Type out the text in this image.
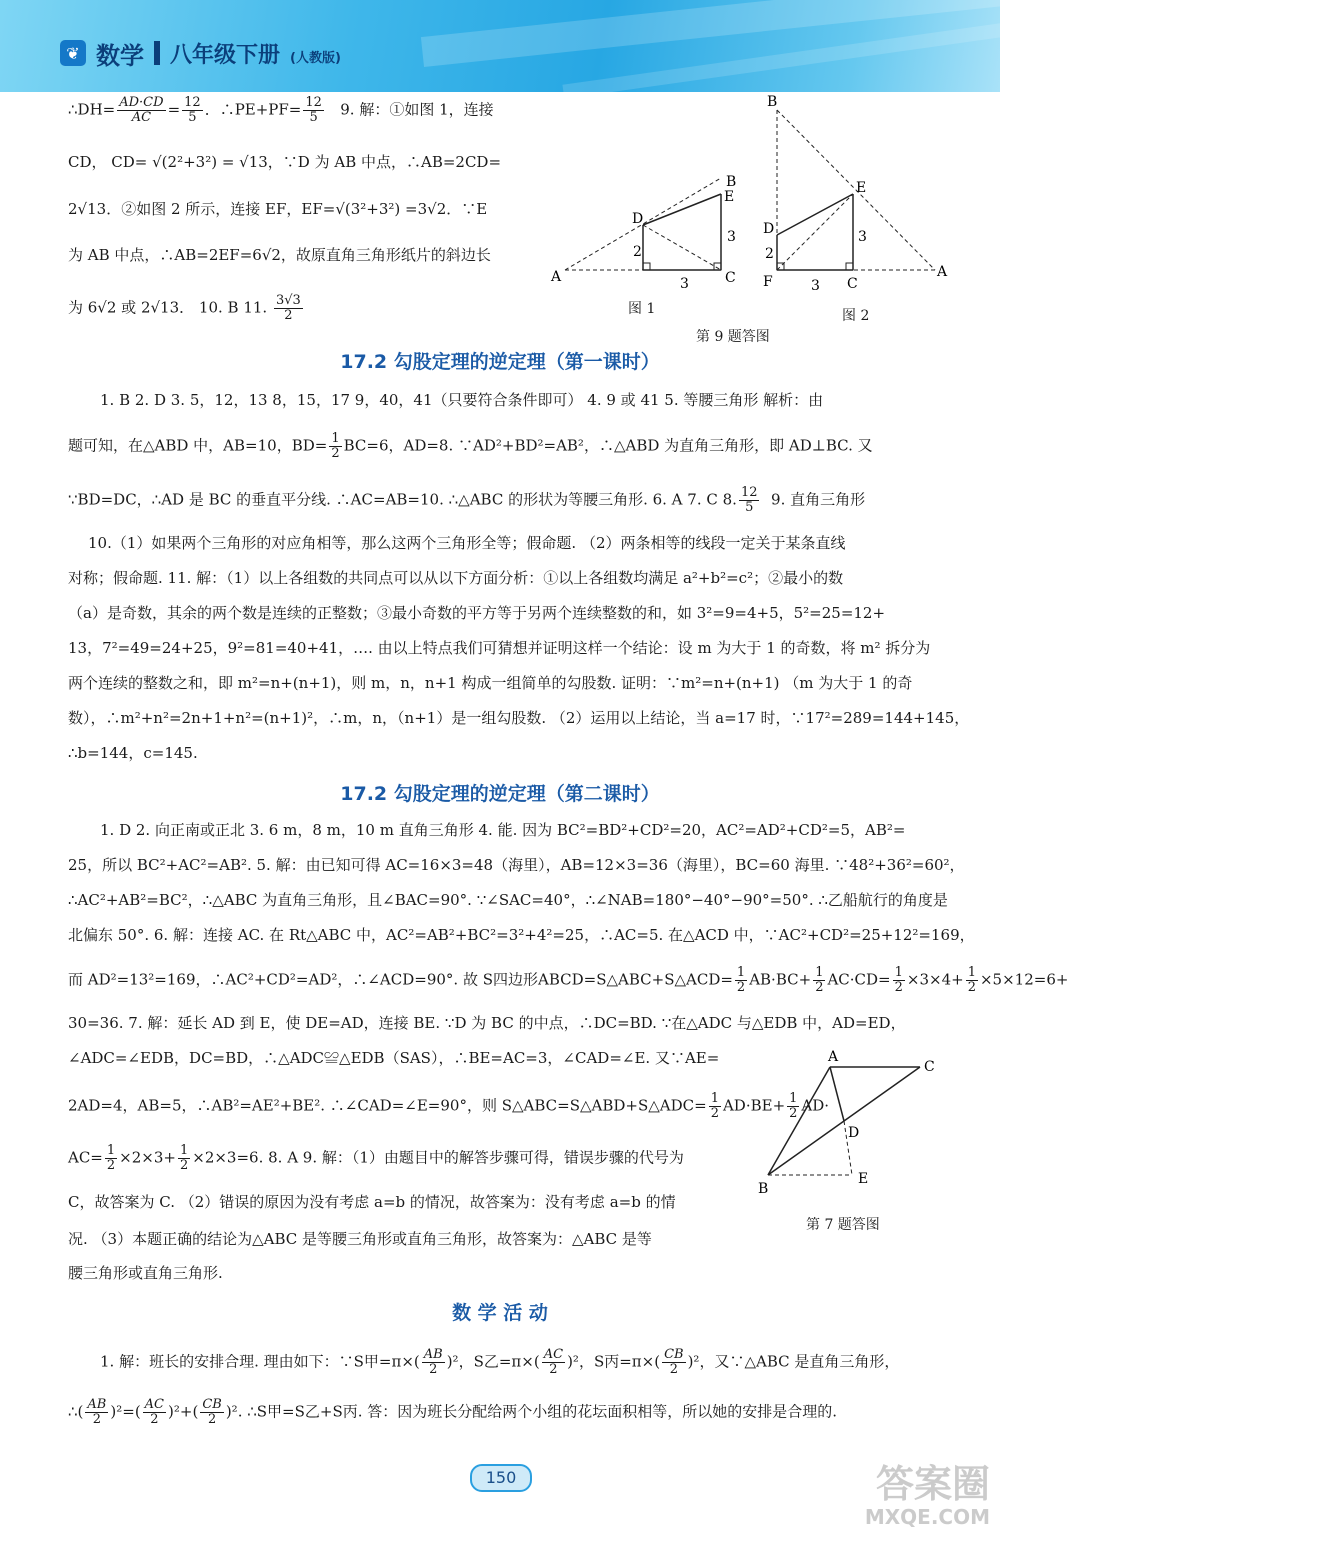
❦ 数学 八年级下册 (人教版)
∴DH= $\frac{AD\cdot CD}{AC} = \frac{12}{5}$ ．∴PE+PF= $\frac{12}{5} 9$. 解：①如图 1，连接
CD， CD= √(2²+3²) = √13，∵D 为 AB 中点，∴AB=2CD=
2√13．②如图 2 所示，连接 EF，EF=√(3²+3²) =3√2．∵E
为 AB 中点，∴AB=2EF=6√2，故原直角三角形纸片的斜边长
为 6√2 或 2√13． 10. B 11. $\frac{3√3}{2}$
B
E
D
A	C
2
3
3
B
E
D
F	C
A
2
3
3
图 1	图 2
第 9 题答图
17.2 勾股定理的逆定理（第一课时）
1. B 2. D 3. 5，12，13 8，15，17 9，40，41（只要符合条件即可） 4. 9 或 41 5. 等腰三角形 解析：由
题可知，在△ABD 中，AB=10，$BD= \frac{1}{2} BC=6$，AD=8. ∵AD²+BD²=AB²，∴△ABD 为直角三角形，即 AD⊥BC. 又
∵BD=DC，∴AD 是 BC 的垂直平分线. ∴AC=AB=10. ∴△ABC 的形状为等腰三角形. 6. A 7. C 8. $\frac{12}{5} 9$. 直角三角形
10.（1）如果两个三角形的对应角相等，那么这两个三角形全等；假命题. （2）两条相等的线段一定关于某条直线
对称；假命题. 11. 解：（1）以上各组数的共同点可以从以下方面分析：①以上各组数均满足 a²+b²=c²；②最小的数
（a）是奇数，其余的两个数是连续的正整数；③最小奇数的平方等于另两个连续整数的和，如 3²=9=4+5，5²=25=12+
13，7²=49=24+25，9²=81=40+41，…. 由以上特点我们可猜想并证明这样一个结论：设 m 为大于 1 的奇数，将 m² 拆分为
两个连续的整数之和，即 m²=n+(n+1)，则 m，n，n+1 构成一组简单的勾股数. 证明：∵m²=n+(n+1) （m 为大于 1 的奇
数），∴m²+n²=2n+1+n²=(n+1)²，∴m，n，（n+1）是一组勾股数. （2）运用以上结论，当 a=17 时，∵17²=289=144+145，
∴b=144，c=145.
17.2 勾股定理的逆定理（第二课时）
1. D 2. 向正南或正北 3. 6 m，8 m，10 m 直角三角形 4. 能. 因为 BC²=BD²+CD²=20，AC²=AD²+CD²=5，AB²=
25，所以 BC²+AC²=AB². 5. 解：由已知可得 AC=16×3=48（海里），AB=12×3=36（海里），BC=60 海里. ∵48²+36²=60²，
∴AC²+AB²=BC²，∴△ABC 为直角三角形，且∠BAC=90°. ∵∠SAC=40°，∴∠NAB=180°−40°−90°=50°. ∴乙船航行的角度是
北偏东 50°. 6. 解：连接 AC. 在 Rt△ABC 中，AC²=AB²+BC²=3²+4²=25，∴AC=5. 在△ACD 中，∵AC²+CD²=25+12²=169，
而 AD²=13²=169，∴AC²+CD²=AD²，∴∠ACD=90°. 故 S四边形ABCD=S△ABC+S△ACD= $\frac{1}{2} AB\cdot BC+ \frac{1}{2} AC\cdot CD= \frac{1}{2} \times 3\times 4+ \frac{1}{2} \times 5\times 12=6+$
30=36. 7. 解：延长 AD 到 E，使 DE=AD，连接 BE. ∵D 为 BC 的中点，∴DC=BD. ∵在△ADC 与△EDB 中，AD=ED，
∠ADC=∠EDB，DC=BD，∴△ADC≌△EDB（SAS），∴BE=AC=3，∠CAD=∠E. 又∵AE=
2AD=4，AB=5，∴AB²=AE²+BE². ∴∠CAD=∠E=90°，则 S△ABC=S△ABD+S△ADC= $\frac{1}{2} AD\cdot BE+ \frac{1}{2} AD\cdot$
$AC= \frac{1}{2} \times 2\times 3+ \frac{1}{2} \times 2\times 3=6$. 8. A 9. 解：（1）由题目中的解答步骤可得，错误步骤的代号为
C，故答案为 C. （2）错误的原因为没有考虑 a=b 的情况，故答案为：没有考虑 a=b 的情
况. （3）本题正确的结论为△ABC 是等腰三角形或直角三角形，故答案为：△ABC 是等
腰三角形或直角三角形.
A
C
D
B
E
第 7 题答图
数 学 活 动
1. 解：班长的安排合理. 理由如下：∵S甲$=\pi\times( \frac{AB}{2} )^2$，S乙$=\pi\times( \frac{AC}{2} )^2$，S丙$=\pi\times( \frac{CB}{2} )^2$，又∵△ABC 是直角三角形，
∴( $\frac{AB}{2} )^2=( \frac{AC}{2} )^2+( \frac{CB}{2} )^2$. ∴S甲=S乙+S丙. 答：因为班长分配给两个小组的花坛面积相等，所以她的安排是合理的.
150	答案圈
MXQE.COM
